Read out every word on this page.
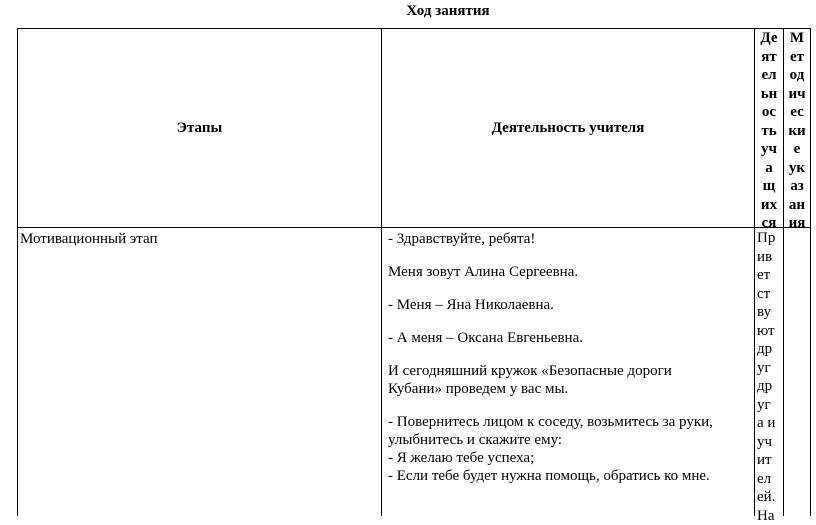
Ход занятия
Этапы	Деятельность учителя
Де
ят
ел
ьн
ос
ть
уч
а
щ
их
ся
М
ет
од
ич
ес
ки
е
ук
аз
ан
ия
Мотивационный этап	- Здравствуйте, ребята!

Меня зовут Алина Сергеевна.

- Меня – Яна Николаевна.

- А меня – Оксана Евгеньевна.

И сегодняшний кружок «Безопасные дороги

Кубани» проведем у вас мы.

- Повернитесь лицом к соседу, возьмитесь за руки,

улыбнитесь и скажите ему:

- Я желаю тебе успеха;

- Если тебе будет нужна помощь, обратись ко мне.

Пр
ив
ет
ст
ву
ют
др
уг
др
уг
а и
уч
ит
ел
ей.
На
